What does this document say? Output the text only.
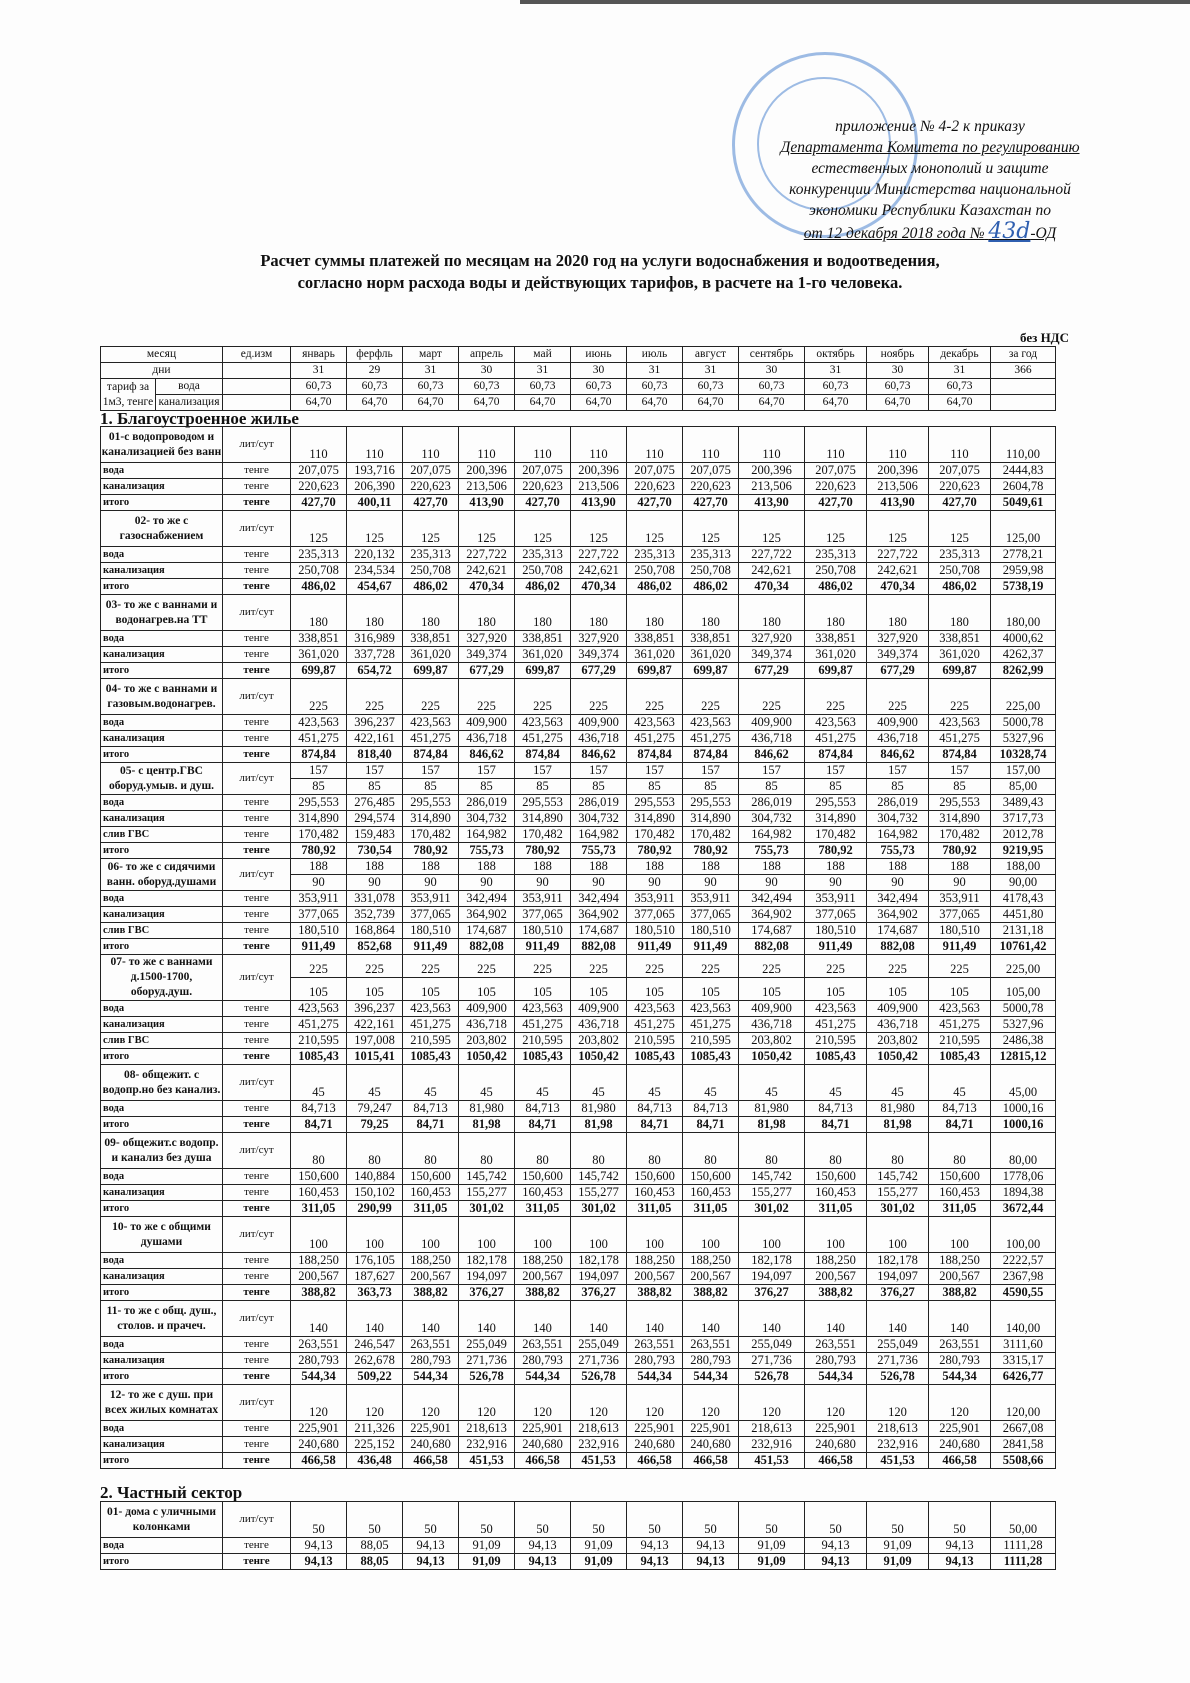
приложение № 4-2 к приказу
Департамента Комитета по регулированию
естественных монополий и защите
конкуренции Министерства национальной
экономики Республики Казахстан по
от 12 декабря 2018 года № 43d-ОД
Расчет суммы платежей по месяцам на 2020 год на услуги водоснабжения и водоотведения,
согласно норм расхода воды и действующих тарифов, в расчете на 1-го человека.
без НДС
месяц		ед.изм	январь	ферфль	март	апрель	май	июнь	июль	август	сентябрь	октябрь	ноябрь	декабрь	за год
дни			31	29	31	30	31	30	31	31	30	31	30	31	366
тариф за 1м3, тенге	вода		60,73	60,73	60,73	60,73	60,73	60,73	60,73	60,73	60,73	60,73	60,73	60,73	
	канализация		64,70	64,70	64,70	64,70	64,70	64,70	64,70	64,70	64,70	64,70	64,70	64,70	
1. Благоустроенное жилье
01-с водопроводом и канализацией без ванн	лит/сут	110	110	110	110	110	110	110	110	110	110	110	110	110,00
вода	тенге	207,075	193,716	207,075	200,396	207,075	200,396	207,075	207,075	200,396	207,075	200,396	207,075	2444,83
канализация	тенге	220,623	206,390	220,623	213,506	220,623	213,506	220,623	220,623	213,506	220,623	213,506	220,623	2604,78
итого	тенге	427,70	400,11	427,70	413,90	427,70	413,90	427,70	427,70	413,90	427,70	413,90	427,70	5049,61
02- то же с газоснабжением	лит/сут	125	125	125	125	125	125	125	125	125	125	125	125	125,00
вода	тенге	235,313	220,132	235,313	227,722	235,313	227,722	235,313	235,313	227,722	235,313	227,722	235,313	2778,21
канализация	тенге	250,708	234,534	250,708	242,621	250,708	242,621	250,708	250,708	242,621	250,708	242,621	250,708	2959,98
итого	тенге	486,02	454,67	486,02	470,34	486,02	470,34	486,02	486,02	470,34	486,02	470,34	486,02	5738,19
03- то же с ваннами и водонагрев.на ТТ	лит/сут	180	180	180	180	180	180	180	180	180	180	180	180	180,00
вода	тенге	338,851	316,989	338,851	327,920	338,851	327,920	338,851	338,851	327,920	338,851	327,920	338,851	4000,62
канализация	тенге	361,020	337,728	361,020	349,374	361,020	349,374	361,020	361,020	349,374	361,020	349,374	361,020	4262,37
итого	тенге	699,87	654,72	699,87	677,29	699,87	677,29	699,87	699,87	677,29	699,87	677,29	699,87	8262,99
04- то же с ваннами и газовым.водонагрев.	лит/сут	225	225	225	225	225	225	225	225	225	225	225	225	225,00
вода	тенге	423,563	396,237	423,563	409,900	423,563	409,900	423,563	423,563	409,900	423,563	409,900	423,563	5000,78
канализация	тенге	451,275	422,161	451,275	436,718	451,275	436,718	451,275	451,275	436,718	451,275	436,718	451,275	5327,96
итого	тенге	874,84	818,40	874,84	846,62	874,84	846,62	874,84	874,84	846,62	874,84	846,62	874,84	10328,74
05- с центр.ГВС оборуд.умыв. и душ.	лит/сут	157	157	157	157	157	157	157	157	157	157	157	157	157,00
		85	85	85	85	85	85	85	85	85	85	85	85	85,00
вода	тенге	295,553	276,485	295,553	286,019	295,553	286,019	295,553	295,553	286,019	295,553	286,019	295,553	3489,43
канализация	тенге	314,890	294,574	314,890	304,732	314,890	304,732	314,890	314,890	304,732	314,890	304,732	314,890	3717,73
слив ГВС	тенге	170,482	159,483	170,482	164,982	170,482	164,982	170,482	170,482	164,982	170,482	164,982	170,482	2012,78
итого	тенге	780,92	730,54	780,92	755,73	780,92	755,73	780,92	780,92	755,73	780,92	755,73	780,92	9219,95
06- то же с сидячими ванн. оборуд.душами	лит/сут	188	188	188	188	188	188	188	188	188	188	188	188	188,00
		90	90	90	90	90	90	90	90	90	90	90	90	90,00
вода	тенге	353,911	331,078	353,911	342,494	353,911	342,494	353,911	353,911	342,494	353,911	342,494	353,911	4178,43
канализация	тенге	377,065	352,739	377,065	364,902	377,065	364,902	377,065	377,065	364,902	377,065	364,902	377,065	4451,80
слив ГВС	тенге	180,510	168,864	180,510	174,687	180,510	174,687	180,510	180,510	174,687	180,510	174,687	180,510	2131,18
итого	тенге	911,49	852,68	911,49	882,08	911,49	882,08	911,49	911,49	882,08	911,49	882,08	911,49	10761,42
07- то же с ваннами д.1500-1700, оборуд.душ.	лит/сут	225	225	225	225	225	225	225	225	225	225	225	225	225,00
		105	105	105	105	105	105	105	105	105	105	105	105	105,00
вода	тенге	423,563	396,237	423,563	409,900	423,563	409,900	423,563	423,563	409,900	423,563	409,900	423,563	5000,78
канализация	тенге	451,275	422,161	451,275	436,718	451,275	436,718	451,275	451,275	436,718	451,275	436,718	451,275	5327,96
слив ГВС	тенге	210,595	197,008	210,595	203,802	210,595	203,802	210,595	210,595	203,802	210,595	203,802	210,595	2486,38
итого	тенге	1085,43	1015,41	1085,43	1050,42	1085,43	1050,42	1085,43	1085,43	1050,42	1085,43	1050,42	1085,43	12815,12
08- общежит. с водопр.но без канализ.	лит/сут	45	45	45	45	45	45	45	45	45	45	45	45	45,00
вода	тенге	84,713	79,247	84,713	81,980	84,713	81,980	84,713	84,713	81,980	84,713	81,980	84,713	1000,16
итого	тенге	84,71	79,25	84,71	81,98	84,71	81,98	84,71	84,71	81,98	84,71	81,98	84,71	1000,16
09- общежит.с водопр. и канализ без душа	лит/сут	80	80	80	80	80	80	80	80	80	80	80	80	80,00
вода	тенге	150,600	140,884	150,600	145,742	150,600	145,742	150,600	150,600	145,742	150,600	145,742	150,600	1778,06
канализация	тенге	160,453	150,102	160,453	155,277	160,453	155,277	160,453	160,453	155,277	160,453	155,277	160,453	1894,38
итого	тенге	311,05	290,99	311,05	301,02	311,05	301,02	311,05	311,05	301,02	311,05	301,02	311,05	3672,44
10- то же с общими душами	лит/сут	100	100	100	100	100	100	100	100	100	100	100	100	100,00
вода	тенге	188,250	176,105	188,250	182,178	188,250	182,178	188,250	188,250	182,178	188,250	182,178	188,250	2222,57
канализация	тенге	200,567	187,627	200,567	194,097	200,567	194,097	200,567	200,567	194,097	200,567	194,097	200,567	2367,98
итого	тенге	388,82	363,73	388,82	376,27	388,82	376,27	388,82	388,82	376,27	388,82	376,27	388,82	4590,55
11- то же с общ. душ., столов. и прачеч.	лит/сут	140	140	140	140	140	140	140	140	140	140	140	140	140,00
вода	тенге	263,551	246,547	263,551	255,049	263,551	255,049	263,551	263,551	255,049	263,551	255,049	263,551	3111,60
канализация	тенге	280,793	262,678	280,793	271,736	280,793	271,736	280,793	280,793	271,736	280,793	271,736	280,793	3315,17
итого	тенге	544,34	509,22	544,34	526,78	544,34	526,78	544,34	544,34	526,78	544,34	526,78	544,34	6426,77
12- то же с душ. при всех жилых комнатах	лит/сут	120	120	120	120	120	120	120	120	120	120	120	120	120,00
вода	тенге	225,901	211,326	225,901	218,613	225,901	218,613	225,901	225,901	218,613	225,901	218,613	225,901	2667,08
канализация	тенге	240,680	225,152	240,680	232,916	240,680	232,916	240,680	240,680	232,916	240,680	232,916	240,680	2841,58
итого	тенге	466,58	436,48	466,58	451,53	466,58	451,53	466,58	466,58	451,53	466,58	451,53	466,58	5508,66
2. Частный сектор
01- дома с уличными колонками	лит/сут	50	50	50	50	50	50	50	50	50	50	50	50	50,00
вода	тенге	94,13	88,05	94,13	91,09	94,13	91,09	94,13	94,13	91,09	94,13	91,09	94,13	1111,28
итого	тенге	94,13	88,05	94,13	91,09	94,13	91,09	94,13	94,13	91,09	94,13	91,09	94,13	1111,28
